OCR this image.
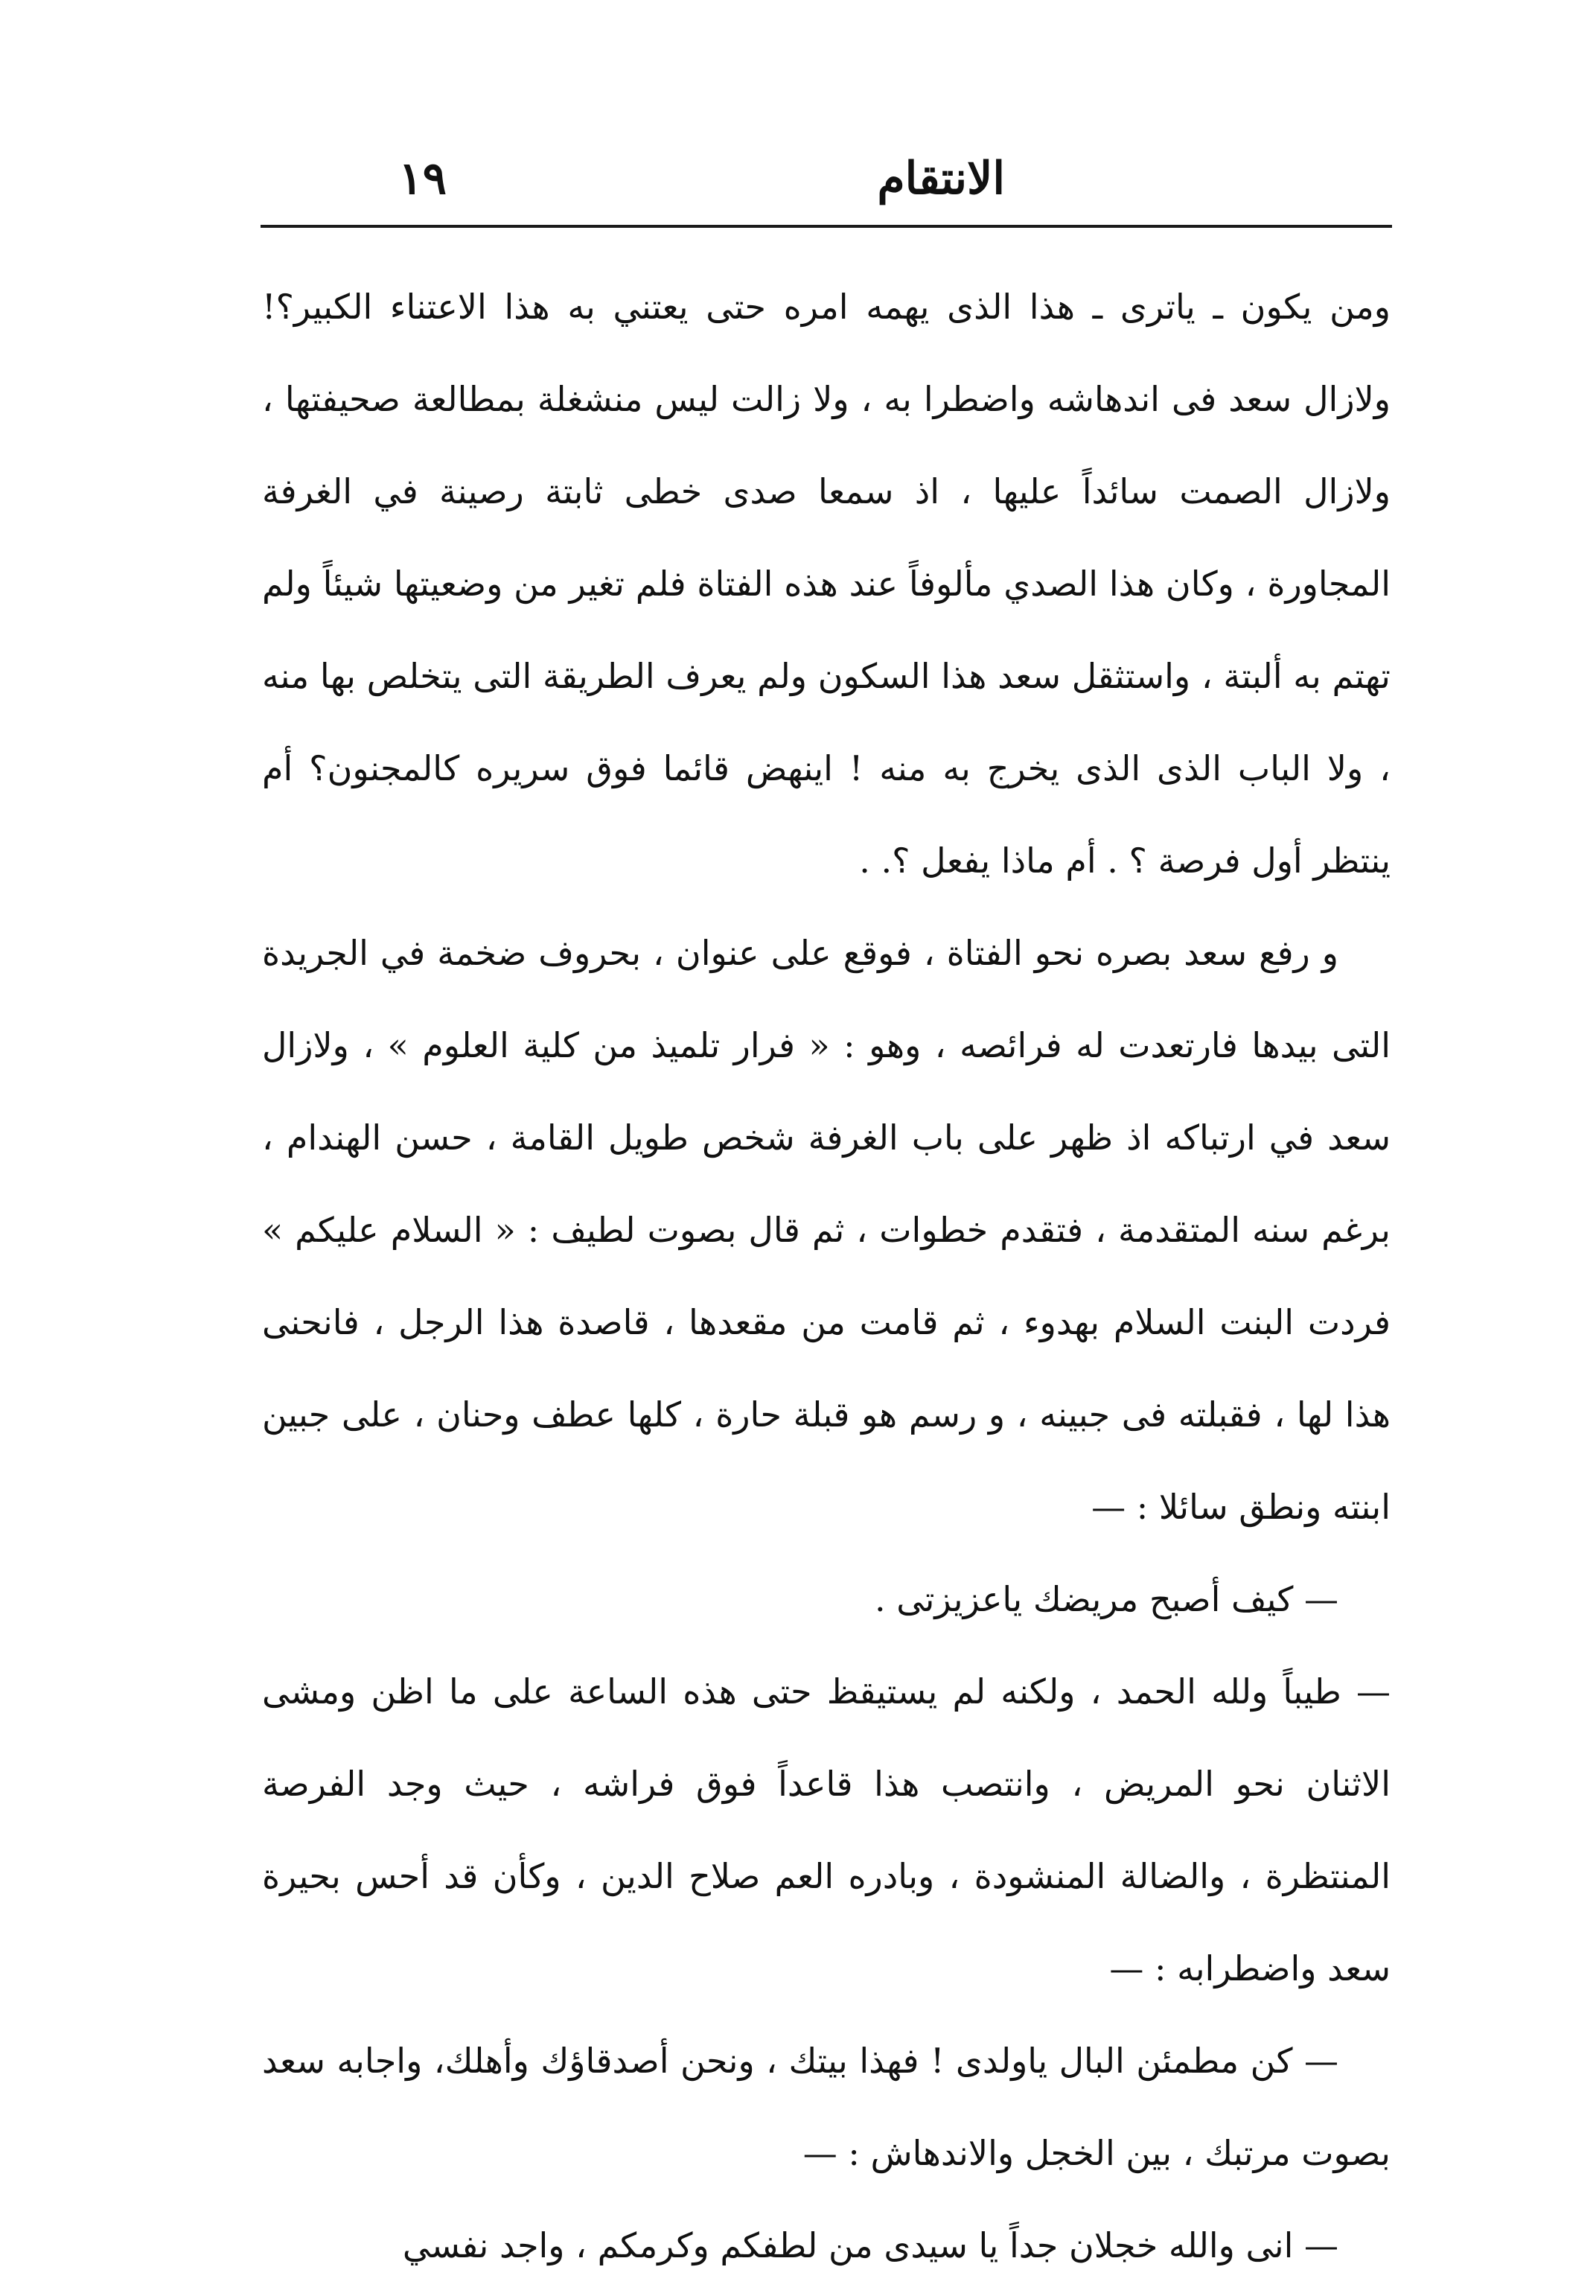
الانتقام
١٩

ومن يكون ـ ياترى ـ هذا الذى يهمه امره حتى يعتني به هذا الاعتناء الكبير؟! ولازال سعد فى اندهاشه واضطرا به ، ولا زالت ليس منشغلة بمطالعة صحيفتها ، ولازال الصمت سائداً عليها ، اذ سمعا صدى خطى ثابتة رصينة في الغرفة المجاورة ، وكان هذا الصدي مألوفاً عند هذه الفتاة فلم تغير من وضعيتها شيئاً ولم تهتم به ألبتة ، واستثقل سعد هذا السكون ولم يعرف الطريقة التى يتخلص بها منه ، ولا الباب الذى الذى يخرج به منه ! اينهض قائما فوق سريره كالمجنون؟ أم ينتظر أول فرصة ؟ . أم ماذا يفعل ؟. .

و رفع سعد بصره نحو الفتاة ، فوقع على عنوان ، بحروف ضخمة في الجريدة التى بيدها فارتعدت له فرائصه ، وهو : « فرار تلميذ من كلية العلوم » ، ولازال سعد في ارتباكه اذ ظهر على باب الغرفة شخص طويل القامة ، حسن الهندام ، برغم سنه المتقدمة ، فتقدم خطوات ، ثم قال بصوت لطيف : « السلام عليكم » فردت البنت السلام بهدوء ، ثم قامت من مقعدها ، قاصدة هذا الرجل ، فانحنى هذا لها ، فقبلته فى جبينه ، و رسم هو قبلة حارة ، كلها عطف وحنان ، على جبين ابنته ونطق سائلا : —

— كيف أصبح مريضك ياعزيزتى .

— طيباً ولله الحمد ، ولكنه لم يستيقظ حتى هذه الساعة على ما اظن ومشى الاثنان نحو المريض ، وانتصب هذا قاعداً فوق فراشه ، حيث وجد الفرصة المنتظرة ، والضالة المنشودة ، وبادره العم صلاح الدين ، وكأن قد أحس بحيرة سعد واضطرابه : —

— كن مطمئن البال ياولدى ! فهذا بيتك ، ونحن أصدقاؤك وأهلك، واجابه سعد بصوت مرتبك ، بين الخجل والاندهاش : —

— انى والله خجلان جداً يا سيدى من لطفكم وكرمكم ، واجد نفسي
